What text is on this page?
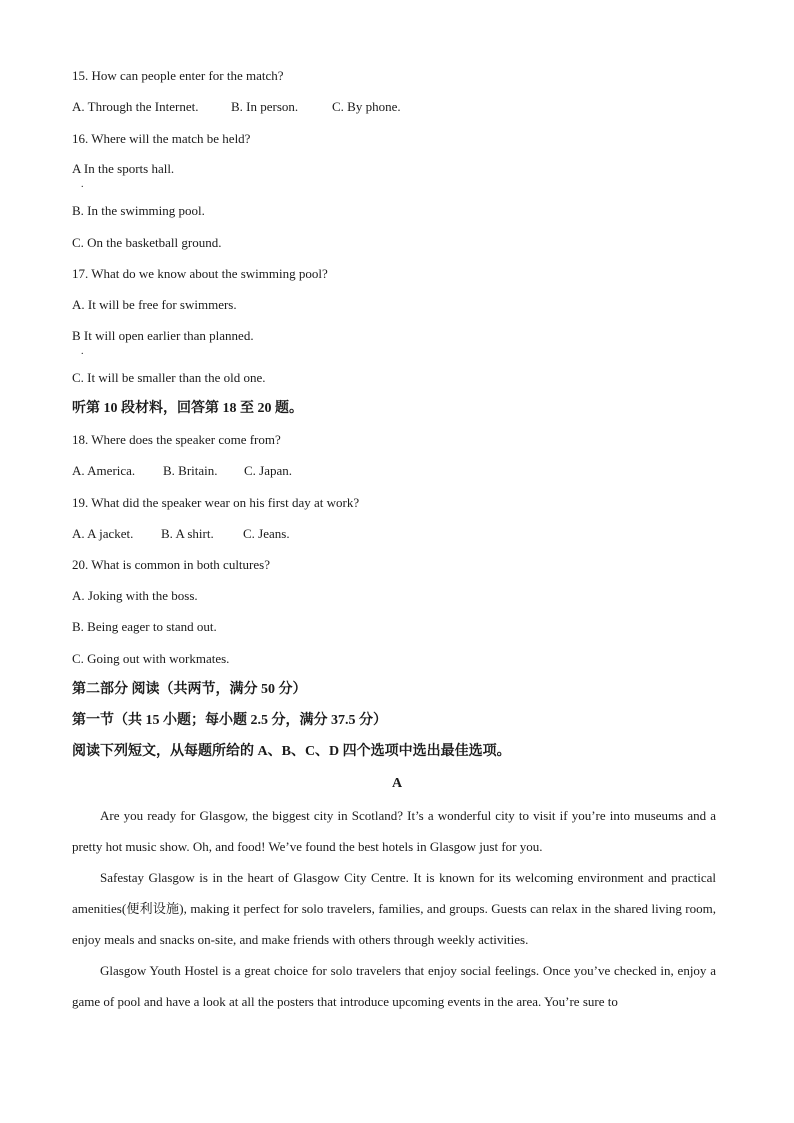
15. How can people enter for the match?
A. Through the Internet.	B. In person.	C. By phone.
16. Where will the match be held?
A In the sports hall.
.
B. In the swimming pool.
C. On the basketball ground.
17. What do we know about the swimming pool?
A. It will be free for swimmers.
B It will open earlier than planned.
.
C. It will be smaller than the old one.
听第 10 段材料，回答第 18 至 20 题。
18. Where does the speaker come from?
A. America. B. Britain. C. Japan.
19. What did the speaker wear on his first day at work?
A. A jacket. B. A shirt. C. Jeans.
20. What is common in both cultures?
A. Joking with the boss.
B. Being eager to stand out.
C. Going out with workmates.
第二部分 阅读（共两节，满分 50 分）
第一节（共 15 小题；每小题 2.5 分，满分 37.5 分）
阅读下列短文，从每题所给的 A、B、C、D 四个选项中选出最佳选项。
A

Are you ready for Glasgow, the biggest city in Scotland? It’s a wonderful city to visit if you’re into museums and a pretty hot music show. Oh, and food! We’ve found the best hotels in Glasgow just for you.

Safestay Glasgow is in the heart of Glasgow City Centre. It is known for its welcoming environment and practical amenities(便利设施), making it perfect for solo travelers, families, and groups. Guests can relax in the shared living room, enjoy meals and snacks on-site, and make friends with others through weekly activities.

Glasgow Youth Hostel is a great choice for solo travelers that enjoy social feelings. Once you’ve checked in, enjoy a game of pool and have a look at all the posters that introduce upcoming events in the area. You’re sure to
